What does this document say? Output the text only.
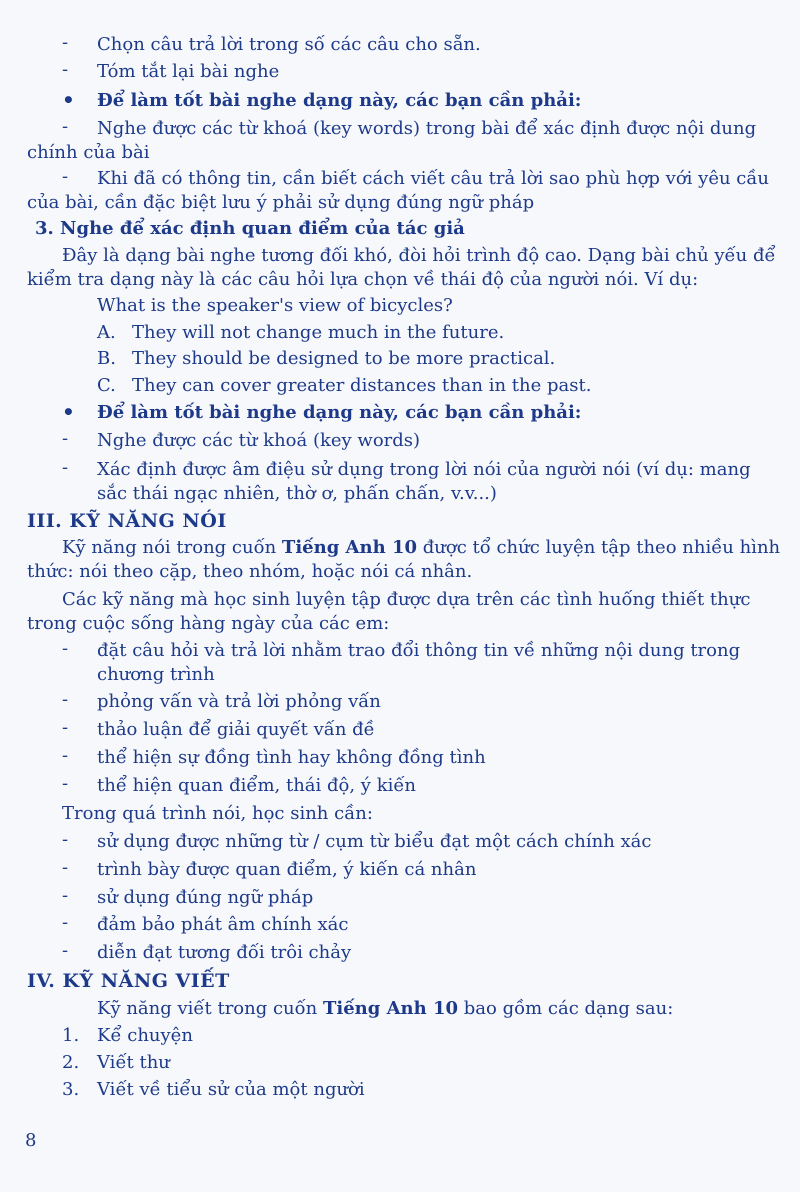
-	Chọn câu trả lời trong số các câu cho sẵn.
-	Tóm tắt lại bài nghe
• Để làm tốt bài nghe dạng này, các bạn cần phải:
-	Nghe được các từ khoá (key words) trong bài để xác định được nội dung
chính của bài
-	Khi đã có thông tin, cần biết cách viết câu trả lời sao phù hợp với yêu cầu
của bài, cần đặc biệt lưu ý phải sử dụng đúng ngữ pháp
3. Nghe để xác định quan điểm của tác giả
Đây là dạng bài nghe tương đối khó, đòi hỏi trình độ cao. Dạng bài chủ yếu để
kiểm tra dạng này là các câu hỏi lựa chọn về thái độ của người nói. Ví dụ:
What is the speaker's view of bicycles?
A. They will not change much in the future.
B. They should be designed to be more practical.
C. They can cover greater distances than in the past.
• Để làm tốt bài nghe dạng này, các bạn cần phải:
-	Nghe được các từ khoá (key words)
-	Xác định được âm điệu sử dụng trong lời nói của người nói (ví dụ: mang
sắc thái ngạc nhiên, thờ ơ, phấn chấn, v.v...)
III. KỸ NĂNG NÓI
Kỹ năng nói trong cuốn Tiếng Anh 10 được tổ chức luyện tập theo nhiều hình
thức: nói theo cặp, theo nhóm, hoặc nói cá nhân.
Các kỹ năng mà học sinh luyện tập được dựa trên các tình huống thiết thực
trong cuộc sống hàng ngày của các em:
-	đặt câu hỏi và trả lời nhằm trao đổi thông tin về những nội dung trong
chương trình
-	phỏng vấn và trả lời phỏng vấn
-	thảo luận để giải quyết vấn đề
-	thể hiện sự đồng tình hay không đồng tình
-	thể hiện quan điểm, thái độ, ý kiến
Trong quá trình nói, học sinh cần:
-	sử dụng được những từ / cụm từ biểu đạt một cách chính xác
-	trình bày được quan điểm, ý kiến cá nhân
-	sử dụng đúng ngữ pháp
-	đảm bảo phát âm chính xác
-	diễn đạt tương đối trôi chảy
IV. KỸ NĂNG VIẾT
Kỹ năng viết trong cuốn Tiếng Anh 10 bao gồm các dạng sau:
1. Kể chuyện
2. Viết thư
3. Viết về tiểu sử của một người
8
